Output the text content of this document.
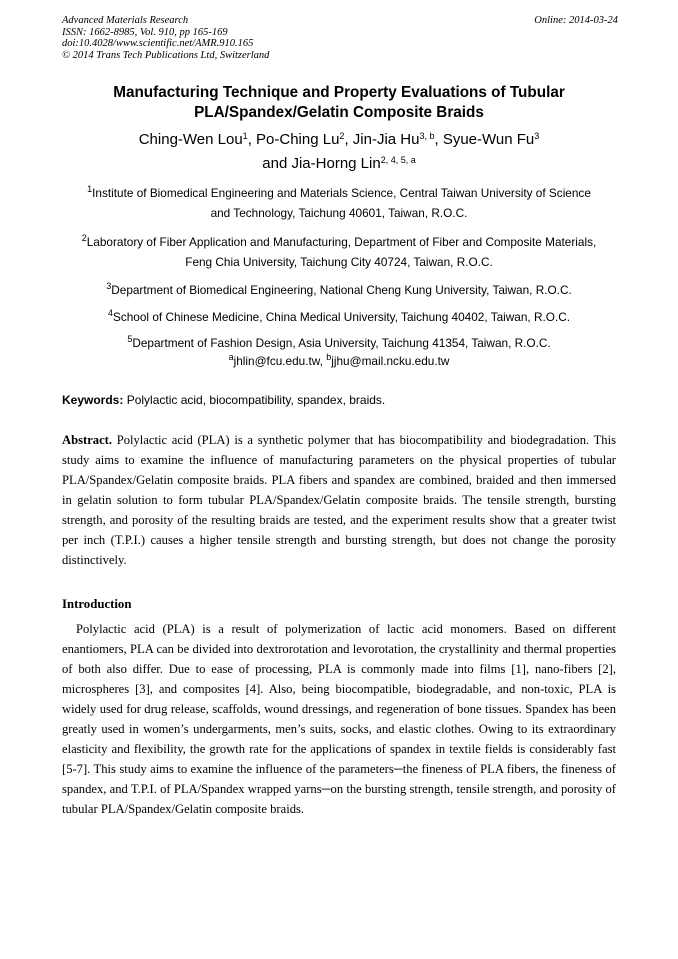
Advanced Materials Research
ISSN: 1662-8985, Vol. 910, pp 165-169
doi:10.4028/www.scientific.net/AMR.910.165
© 2014 Trans Tech Publications Ltd, Switzerland
Online: 2014-03-24
Manufacturing Technique and Property Evaluations of Tubular
PLA/Spandex/Gelatin Composite Braids
Ching-Wen Lou$^1$, Po-Ching Lu$^2$, Jin-Jia Hu$^{3, b}$, Syue-Wun Fu$^3$
and Jia-Horng Lin$^{2, 4, 5, a}$
$^1$Institute of Biomedical Engineering and Materials Science, Central Taiwan University of Science
and Technology, Taichung 40601, Taiwan, R.O.C.
$^2$Laboratory of Fiber Application and Manufacturing, Department of Fiber and Composite Materials,
Feng Chia University, Taichung City 40724, Taiwan, R.O.C.
$^3$Department of Biomedical Engineering, National Cheng Kung University, Taiwan, R.O.C.
$^4$School of Chinese Medicine, China Medical University, Taichung 40402, Taiwan, R.O.C.
$^5$Department of Fashion Design, Asia University, Taichung 41354, Taiwan, R.O.C.
$^a$jhlin@fcu.edu.tw, $^b$jjhu@mail.ncku.edu.tw
Keywords: Polylactic acid, biocompatibility, spandex, braids.
Abstract. Polylactic acid (PLA) is a synthetic polymer that has biocompatibility and biodegradation. This study aims to examine the influence of manufacturing parameters on the physical properties of tubular PLA/Spandex/Gelatin composite braids. PLA fibers and spandex are combined, braided and then immersed in gelatin solution to form tubular PLA/Spandex/Gelatin composite braids. The tensile strength, bursting strength, and porosity of the resulting braids are tested, and the experiment results show that a greater twist per inch (T.P.I.) causes a higher tensile strength and bursting strength, but does not change the porosity distinctively.
Introduction
Polylactic acid (PLA) is a result of polymerization of lactic acid monomers. Based on different enantiomers, PLA can be divided into dextrorotation and levorotation, the crystallinity and thermal properties of both also differ. Due to ease of processing, PLA is commonly made into films [1], nano-fibers [2], microspheres [3], and composites [4]. Also, being biocompatible, biodegradable, and non-toxic, PLA is widely used for drug release, scaffolds, wound dressings, and regeneration of bone tissues. Spandex has been greatly used in women’s undergarments, men’s suits, socks, and elastic clothes. Owing to its extraordinary elasticity and flexibility, the growth rate for the applications of spandex in textile fields is considerably fast [5-7]. This study aims to examine the influence of the parameters─the fineness of PLA fibers, the fineness of spandex, and T.P.I. of PLA/Spandex wrapped yarns─on the bursting strength, tensile strength, and porosity of tubular PLA/Spandex/Gelatin composite braids.
